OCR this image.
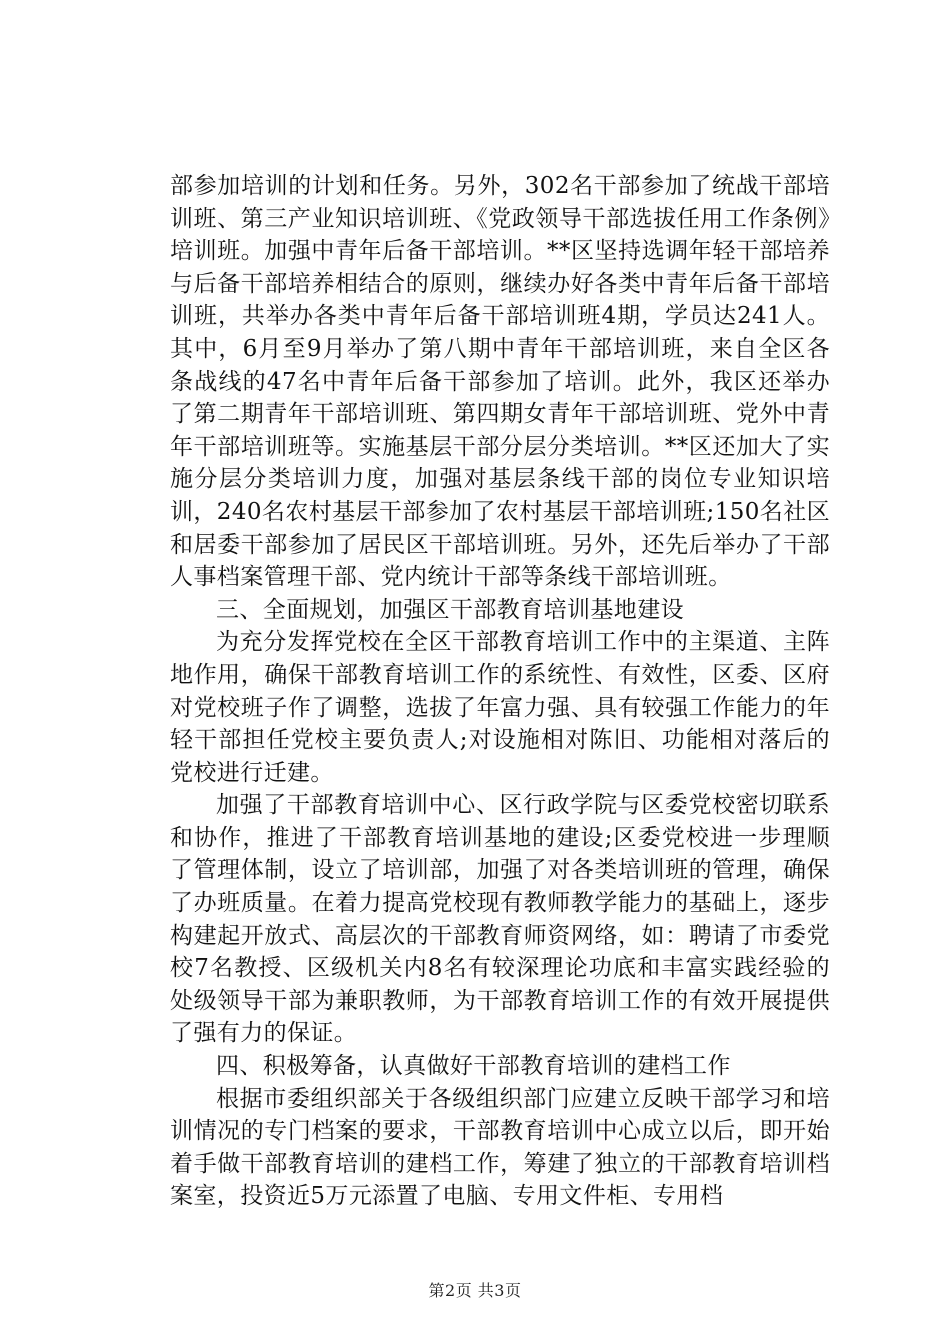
部参加培训的计划和任务。另外，302名干部参加了统战干部培训班、第三产业知识培训班、《党政领导干部选拔任用工作条例》培训班。加强中青年后备干部培训。**区坚持选调年轻干部培养与后备干部培养相结合的原则，继续办好各类中青年后备干部培训班，共举办各类中青年后备干部培训班4期，学员达241人。其中，6月至9月举办了第八期中青年干部培训班，来自全区各条战线的47名中青年后备干部参加了培训。此外，我区还举办了第二期青年干部培训班、第四期女青年干部培训班、党外中青年干部培训班等。实施基层干部分层分类培训。**区还加大了实施分层分类培训力度，加强对基层条线干部的岗位专业知识培训，240名农村基层干部参加了农村基层干部培训班;150名社区和居委干部参加了居民区干部培训班。另外，还先后举办了干部人事档案管理干部、党内统计干部等条线干部培训班。

三、全面规划，加强区干部教育培训基地建设

为充分发挥党校在全区干部教育培训工作中的主渠道、主阵地作用，确保干部教育培训工作的系统性、有效性，区委、区府对党校班子作了调整，选拔了年富力强、具有较强工作能力的年轻干部担任党校主要负责人;对设施相对陈旧、功能相对落后的党校进行迁建。

加强了干部教育培训中心、区行政学院与区委党校密切联系和协作，推进了干部教育培训基地的建设;区委党校进一步理顺了管理体制，设立了培训部，加强了对各类培训班的管理，确保了办班质量。在着力提高党校现有教师教学能力的基础上，逐步构建起开放式、高层次的干部教育师资网络，如：聘请了市委党校7名教授、区级机关内8名有较深理论功底和丰富实践经验的处级领导干部为兼职教师，为干部教育培训工作的有效开展提供了强有力的保证。

四、积极筹备，认真做好干部教育培训的建档工作

根据市委组织部关于各级组织部门应建立反映干部学习和培训情况的专门档案的要求，干部教育培训中心成立以后，即开始着手做干部教育培训的建档工作，筹建了独立的干部教育培训档案室，投资近5万元添置了电脑、专用文件柜、专用档

第2页 共3页
